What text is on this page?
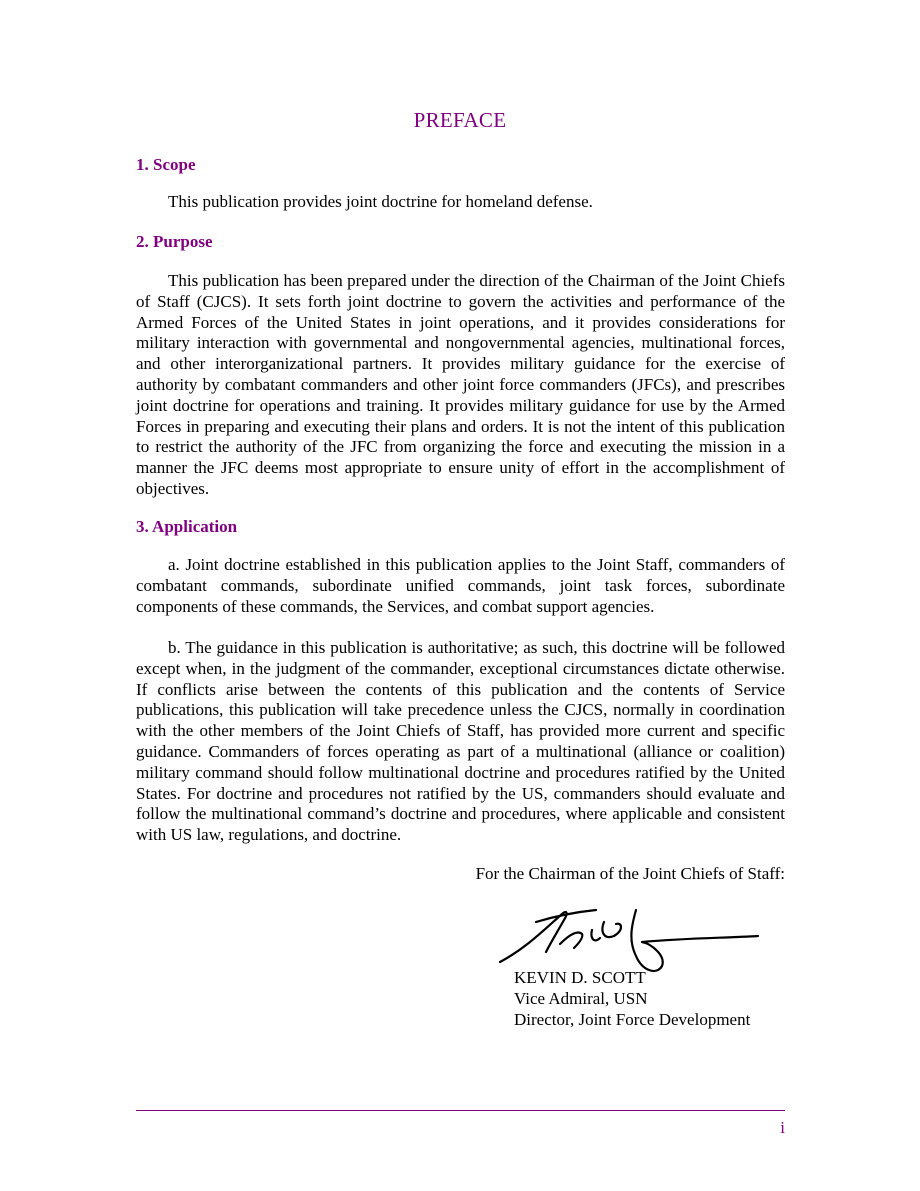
PREFACE
1. Scope

This publication provides joint doctrine for homeland defense.

2. Purpose

This publication has been prepared under the direction of the Chairman of the Joint Chiefs of Staff (CJCS). It sets forth joint doctrine to govern the activities and performance of the Armed Forces of the United States in joint operations, and it provides considerations for military interaction with governmental and nongovernmental agencies, multinational forces, and other interorganizational partners. It provides military guidance for the exercise of authority by combatant commanders and other joint force commanders (JFCs), and prescribes joint doctrine for operations and training. It provides military guidance for use by the Armed Forces in preparing and executing their plans and orders. It is not the intent of this publication to restrict the authority of the JFC from organizing the force and executing the mission in a manner the JFC deems most appropriate to ensure unity of effort in the accomplishment of objectives.

3. Application

a. Joint doctrine established in this publication applies to the Joint Staff, commanders of combatant commands, subordinate unified commands, joint task forces, subordinate components of these commands, the Services, and combat support agencies.

b. The guidance in this publication is authoritative; as such, this doctrine will be followed except when, in the judgment of the commander, exceptional circumstances dictate otherwise. If conflicts arise between the contents of this publication and the contents of Service publications, this publication will take precedence unless the CJCS, normally in coordination with the other members of the Joint Chiefs of Staff, has provided more current and specific guidance. Commanders of forces operating as part of a multinational (alliance or coalition) military command should follow multinational doctrine and procedures ratified by the United States. For doctrine and procedures not ratified by the US, commanders should evaluate and follow the multinational command’s doctrine and procedures, where applicable and consistent with US law, regulations, and doctrine.

For the Chairman of the Joint Chiefs of Staff:
KEVIN D. SCOTT
Vice Admiral, USN
Director, Joint Force Development
i
